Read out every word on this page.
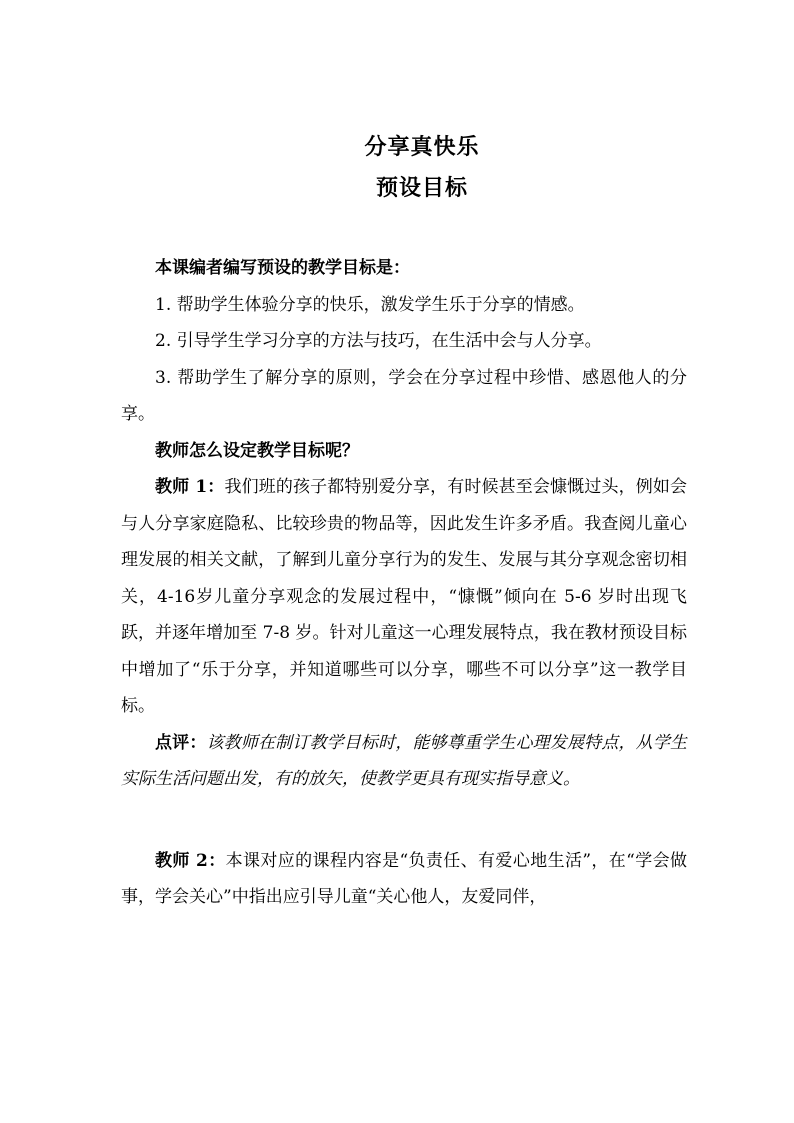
分享真快乐
预设目标

本课编者编写预设的教学目标是：

1. 帮助学生体验分享的快乐，激发学生乐于分享的情感。

2. 引导学生学习分享的方法与技巧，在生活中会与人分享。

3. 帮助学生了解分享的原则，学会在分享过程中珍惜、感恩他人的分享。

教师怎么设定教学目标呢？

教师 1：我们班的孩子都特别爱分享，有时候甚至会慷慨过头，例如会与人分享家庭隐私、比较珍贵的物品等，因此发生许多矛盾。我查阅儿童心理发展的相关文献，了解到儿童分享行为的发生、发展与其分享观念密切相关，4-16岁儿童分享观念的发展过程中，“慷慨”倾向在 5-6 岁时出现飞跃，并逐年增加至 7-8 岁。针对儿童这一心理发展特点，我在教材预设目标中增加了“乐于分享，并知道哪些可以分享，哪些不可以分享”这一教学目标。

点评：该教师在制订教学目标时，能够尊重学生心理发展特点，从学生实际生活问题出发，有的放矢，使教学更具有现实指导意义。

教师 2：本课对应的课程内容是“负责任、有爱心地生活”，在“学会做事，学会关心”中指出应引导儿童“关心他人，友爱同伴，
